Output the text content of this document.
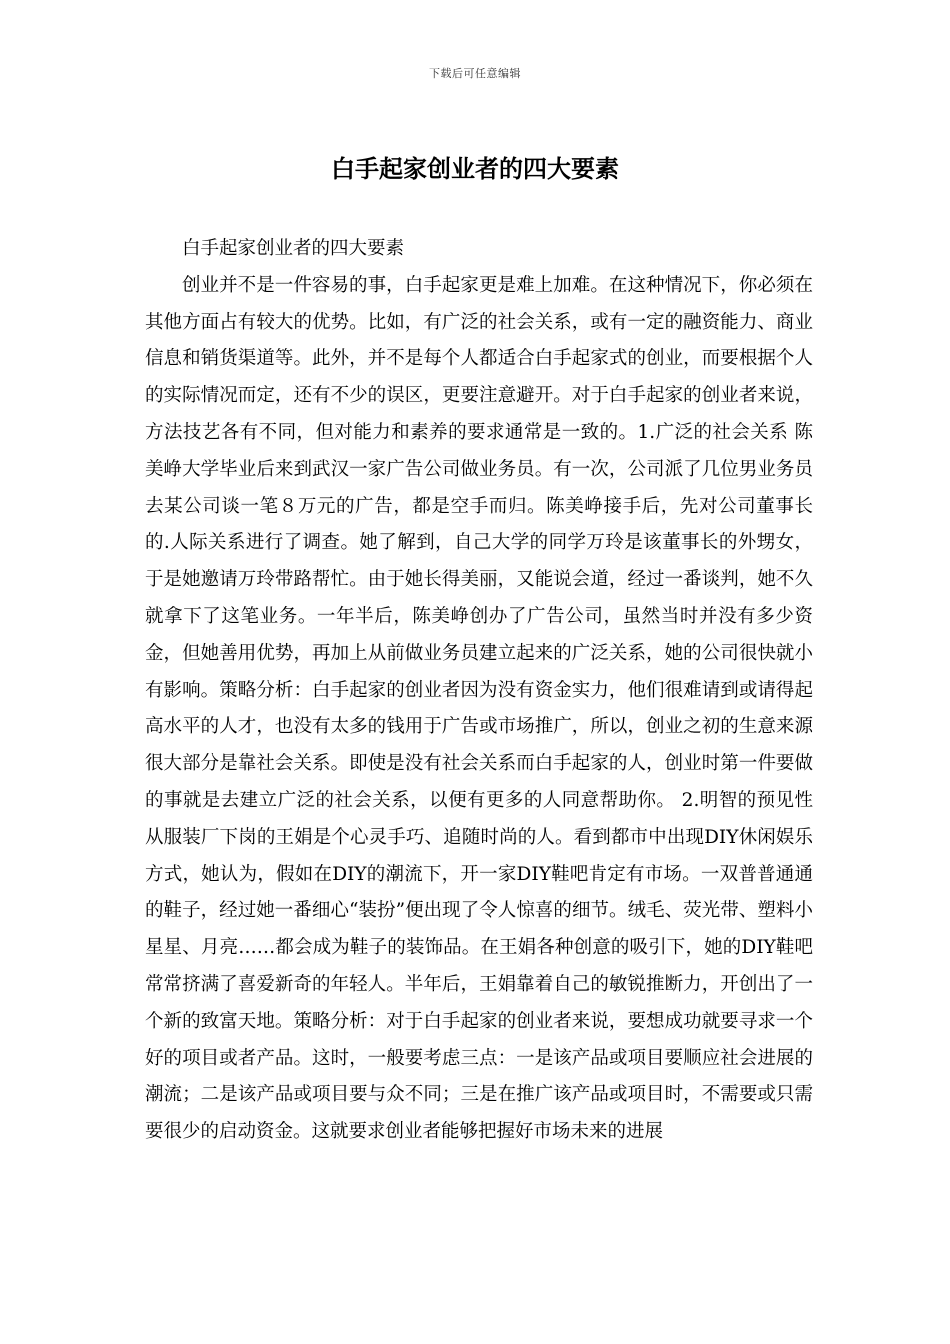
下载后可任意编辑
白手起家创业者的四大要素

白手起家创业者的四大要素

创业并不是一件容易的事，白手起家更是难上加难。在这种情况下，你必须在其他方面占有较大的优势。比如，有广泛的社会关系，或有一定的融资能力、商业信息和销货渠道等。此外，并不是每个人都适合白手起家式的创业，而要根据个人的实际情况而定，还有不少的误区，更要注意避开。对于白手起家的创业者来说，方法技艺各有不同，但对能力和素养的要求通常是一致的。1.广泛的社会关系 陈美峥大学毕业后来到武汉一家广告公司做业务员。有一次，公司派了几位男业务员去某公司谈一笔８万元的广告，都是空手而归。陈美峥接手后，先对公司董事长的.人际关系进行了调查。她了解到，自己大学的同学万玲是该董事长的外甥女，于是她邀请万玲带路帮忙。由于她长得美丽，又能说会道，经过一番谈判，她不久就拿下了这笔业务。一年半后，陈美峥创办了广告公司，虽然当时并没有多少资金，但她善用优势，再加上从前做业务员建立起来的广泛关系，她的公司很快就小有影响。策略分析：白手起家的创业者因为没有资金实力，他们很难请到或请得起高水平的人才，也没有太多的钱用于广告或市场推广，所以，创业之初的生意来源很大部分是靠社会关系。即使是没有社会关系而白手起家的人，创业时第一件要做的事就是去建立广泛的社会关系，以便有更多的人同意帮助你。 2.明智的预见性 从服装厂下岗的王娟是个心灵手巧、追随时尚的人。看到都市中出现DIY休闲娱乐方式，她认为，假如在DIY的潮流下，开一家DIY鞋吧肯定有市场。一双普普通通的鞋子，经过她一番细心“装扮”便出现了令人惊喜的细节。绒毛、荧光带、塑料小星星、月亮……都会成为鞋子的装饰品。在王娟各种创意的吸引下，她的DIY鞋吧常常挤满了喜爱新奇的年轻人。半年后，王娟靠着自己的敏锐推断力，开创出了一个新的致富天地。策略分析：对于白手起家的创业者来说，要想成功就要寻求一个好的项目或者产品。这时，一般要考虑三点：一是该产品或项目要顺应社会进展的潮流；二是该产品或项目要与众不同；三是在推广该产品或项目时，不需要或只需要很少的启动资金。这就要求创业者能够把握好市场未来的进展
